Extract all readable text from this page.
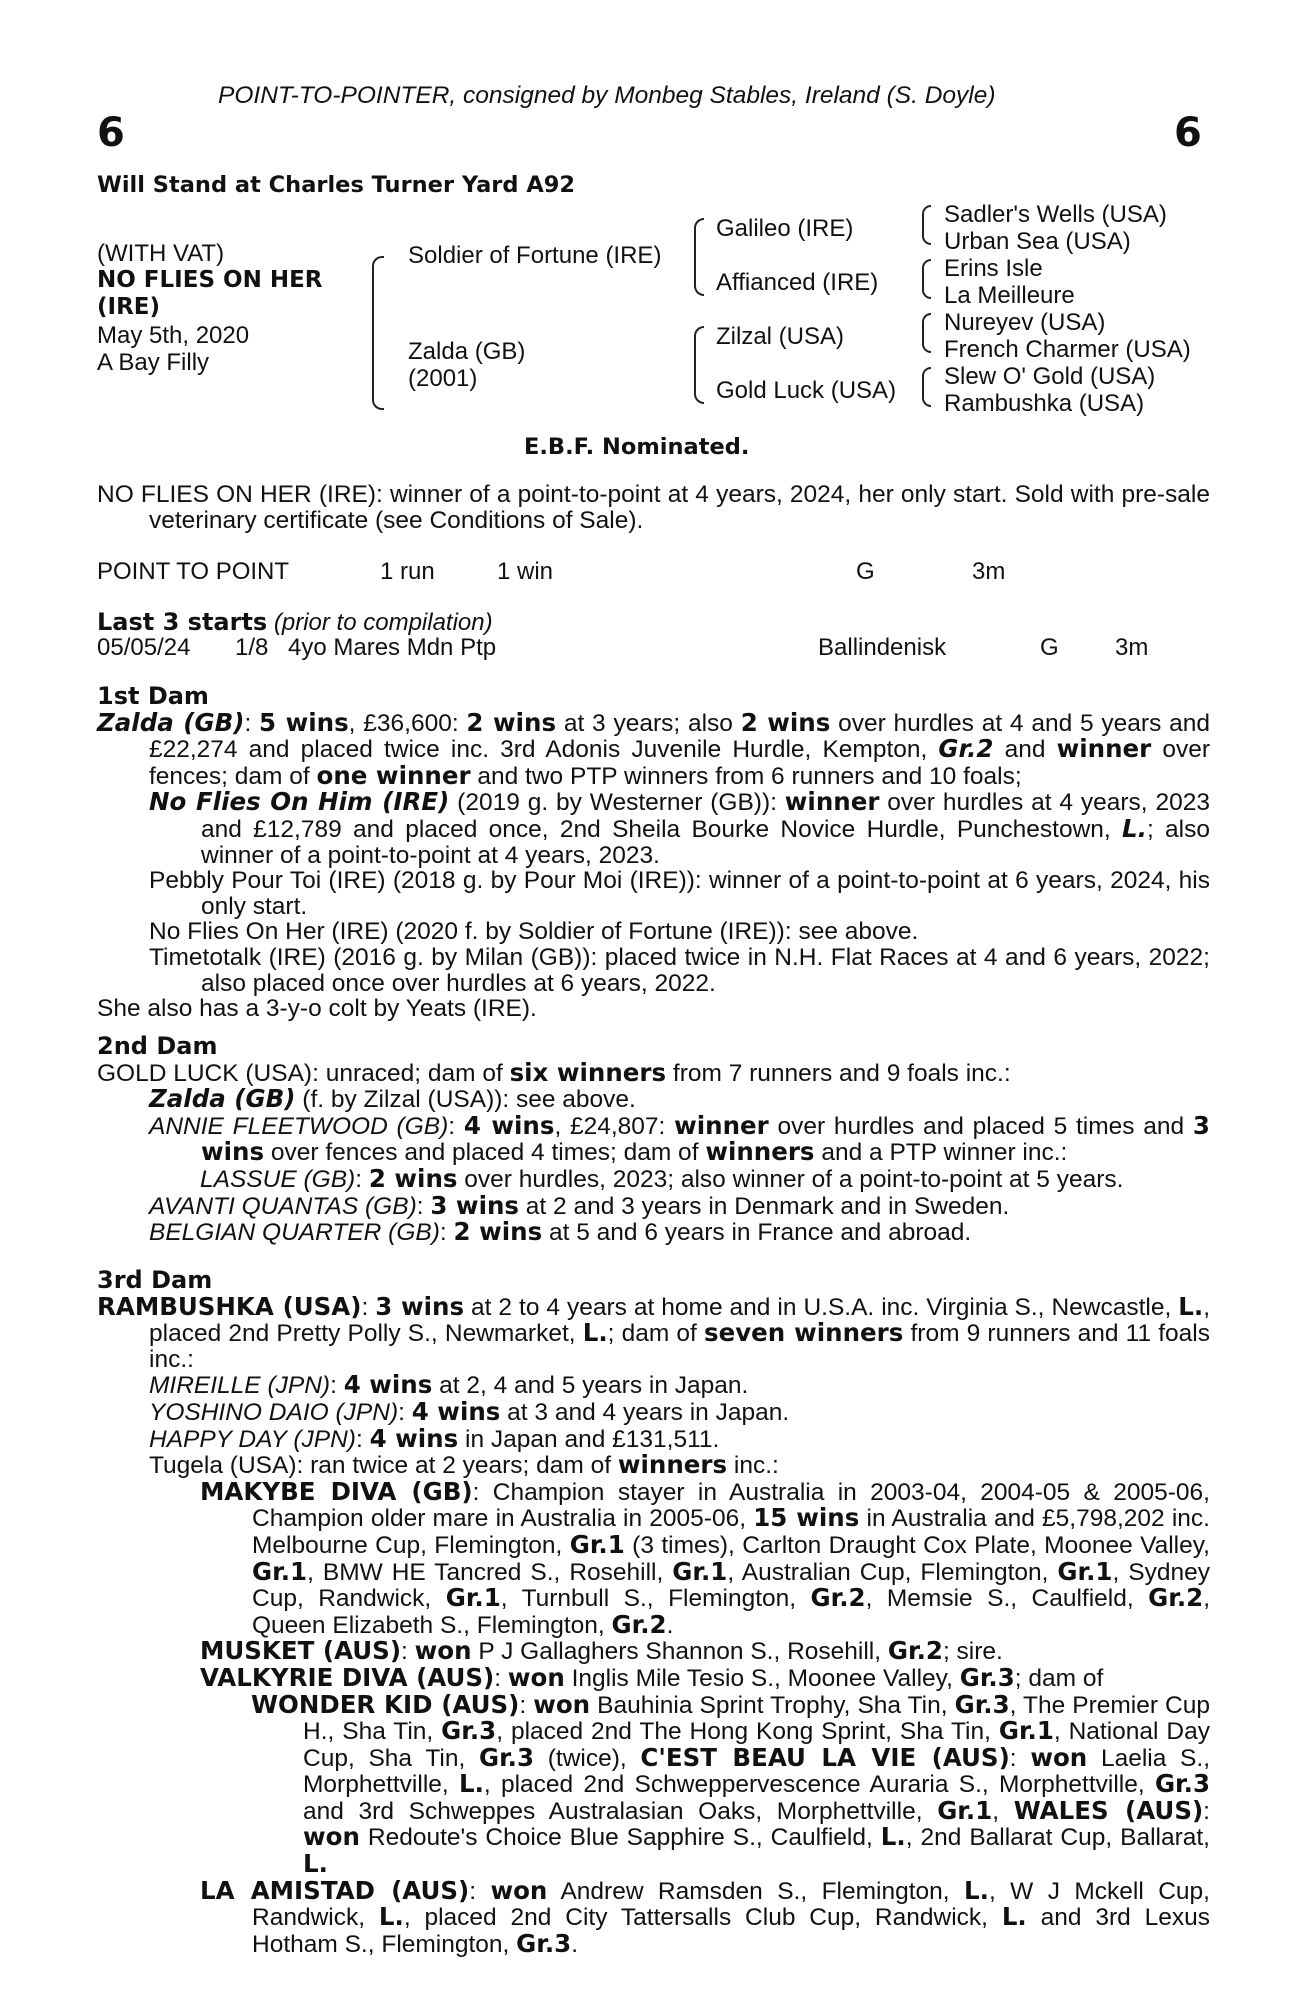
POINT-TO-POINTER, consigned by Monbeg Stables, Ireland (S. Doyle)
6	6
Will Stand at Charles Turner Yard A92
(WITH VAT)
NO FLIES ON HER
(IRE)
May 5th, 2020
A Bay Filly
Soldier of Fortune (IRE)
Zalda (GB)
(2001)
Galileo (IRE)
Affianced (IRE)
Zilzal (USA)
Gold Luck (USA)
Sadler's Wells (USA)
Urban Sea (USA)
Erins Isle
La Meilleure
Nureyev (USA)
French Charmer (USA)
Slew O' Gold (USA)
Rambushka (USA)
E.B.F. Nominated.

NO FLIES ON HER (IRE): winner of a point-to-point at 4 years, 2024, her only start. Sold with pre-sale veterinary certificate (see Conditions of Sale).

POINT TO POINT	1 run	1 win	G	3m
Last 3 starts (prior to compilation)
05/05/24 1/8 4yo Mares Mdn Ptp	Ballindenisk	G 3m
1st Dam

Zalda (GB): 5 wins, £36,600: 2 wins at 3 years; also 2 wins over hurdles at 4 and 5 years and £22,274 and placed twice inc. 3rd Adonis Juvenile Hurdle, Kempton, Gr.2 and winner over fences; dam of one winner and two PTP winners from 6 runners and 10 foals;

No Flies On Him (IRE) (2019 g. by Westerner (GB)): winner over hurdles at 4 years, 2023 and £12,789 and placed once, 2nd Sheila Bourke Novice Hurdle, Punchestown, L.; also winner of a point-to-point at 4 years, 2023.

Pebbly Pour Toi (IRE) (2018 g. by Pour Moi (IRE)): winner of a point-to-point at 6 years, 2024, his only start.

No Flies On Her (IRE) (2020 f. by Soldier of Fortune (IRE)): see above.

Timetotalk (IRE) (2016 g. by Milan (GB)): placed twice in N.H. Flat Races at 4 and 6 years, 2022; also placed once over hurdles at 6 years, 2022.

She also has a 3-y-o colt by Yeats (IRE).

2nd Dam

GOLD LUCK (USA): unraced; dam of six winners from 7 runners and 9 foals inc.:

Zalda (GB) (f. by Zilzal (USA)): see above.

ANNIE FLEETWOOD (GB): 4 wins, £24,807: winner over hurdles and placed 5 times and 3 wins over fences and placed 4 times; dam of winners and a PTP winner inc.:

LASSUE (GB): 2 wins over hurdles, 2023; also winner of a point-to-point at 5 years.

AVANTI QUANTAS (GB): 3 wins at 2 and 3 years in Denmark and in Sweden.

BELGIAN QUARTER (GB): 2 wins at 5 and 6 years in France and abroad.

3rd Dam

RAMBUSHKA (USA): 3 wins at 2 to 4 years at home and in U.S.A. inc. Virginia S., Newcastle, L., placed 2nd Pretty Polly S., Newmarket, L.; dam of seven winners from 9 runners and 11 foals inc.:

MIREILLE (JPN): 4 wins at 2, 4 and 5 years in Japan.

YOSHINO DAIO (JPN): 4 wins at 3 and 4 years in Japan.

HAPPY DAY (JPN): 4 wins in Japan and £131,511.

Tugela (USA): ran twice at 2 years; dam of winners inc.:

MAKYBE DIVA (GB): Champion stayer in Australia in 2003-04, 2004-05 & 2005-06, Champion older mare in Australia in 2005-06, 15 wins in Australia and £5,798,202 inc. Melbourne Cup, Flemington, Gr.1 (3 times), Carlton Draught Cox Plate, Moonee Valley, Gr.1, BMW HE Tancred S., Rosehill, Gr.1, Australian Cup, Flemington, Gr.1, Sydney Cup, Randwick, Gr.1, Turnbull S., Flemington, Gr.2, Memsie S., Caulfield, Gr.2, Queen Elizabeth S., Flemington, Gr.2.

MUSKET (AUS): won P J Gallaghers Shannon S., Rosehill, Gr.2; sire.

VALKYRIE DIVA (AUS): won Inglis Mile Tesio S., Moonee Valley, Gr.3; dam of

WONDER KID (AUS): won Bauhinia Sprint Trophy, Sha Tin, Gr.3, The Premier Cup H., Sha Tin, Gr.3, placed 2nd The Hong Kong Sprint, Sha Tin, Gr.1, National Day Cup, Sha Tin, Gr.3 (twice), C'EST BEAU LA VIE (AUS): won Laelia S., Morphettville, L., placed 2nd Schweppervescence Auraria S., Morphettville, Gr.3 and 3rd Schweppes Australasian Oaks, Morphettville, Gr.1, WALES (AUS): won Redoute's Choice Blue Sapphire S., Caulfield, L., 2nd Ballarat Cup, Ballarat, L.

LA AMISTAD (AUS): won Andrew Ramsden S., Flemington, L., W J Mckell Cup, Randwick, L., placed 2nd City Tattersalls Club Cup, Randwick, L. and 3rd Lexus Hotham S., Flemington, Gr.3.
